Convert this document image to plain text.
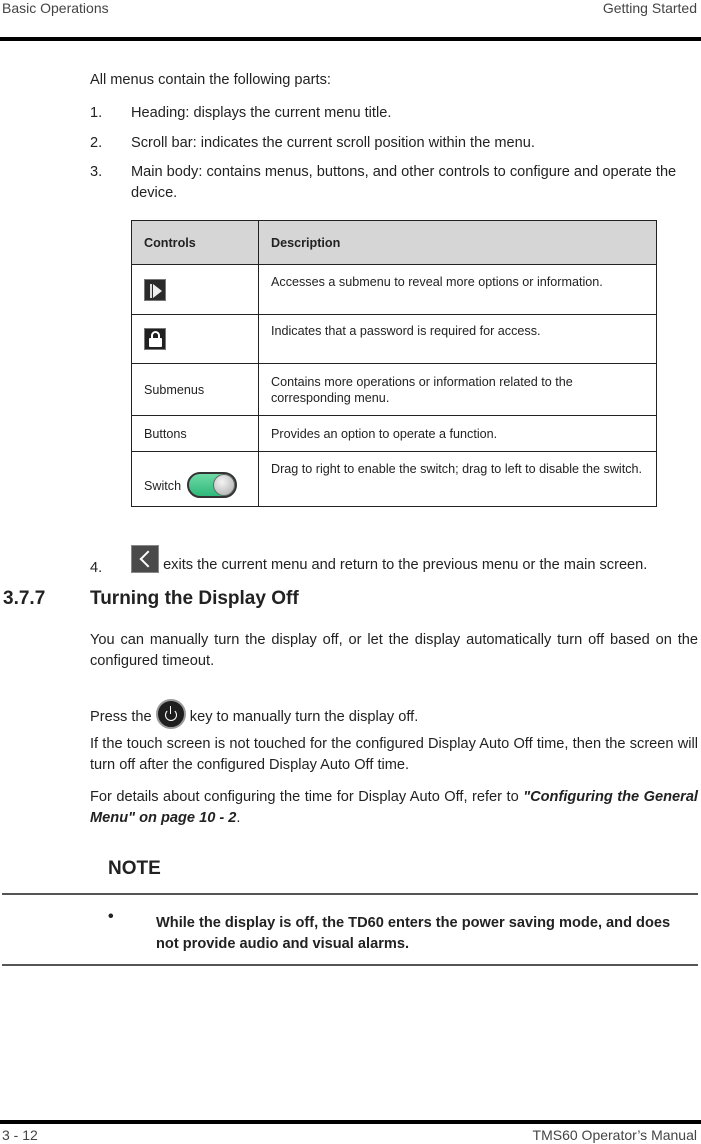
Basic Operations	Getting Started
All menus contain the following parts:
1. Heading: displays the current menu title.
2. Scroll bar: indicates the current scroll position within the menu.
3. Main body: contains menus, buttons, and other controls to configure and operate the device.
Controls	Description
	Accesses a submenu to reveal more options or information.

	Indicates that a password is required for access.
Submenus	Contains more operations or information related to the corresponding menu.
Buttons	Provides an option to operate a function.
Switch	Drag to right to enable the switch; drag to left to disable the switch.
4.	exits the current menu and return to the previous menu or the main screen.
3.7.7 Turning the Display Off
You can manually turn the display off, or let the display automatically turn off based on the configured timeout.
Press the	key to manually turn the display off.
If the touch screen is not touched for the configured Display Auto Off time, then the screen will turn off after the configured Display Auto Off time.
For details about configuring the time for Display Auto Off, refer to "Configuring the General Menu" on page 10 - 2.
NOTE
•	While the display is off, the TD60 enters the power saving mode, and does not provide audio and visual alarms.
3 - 12	TMS60 Operator’s Manual
